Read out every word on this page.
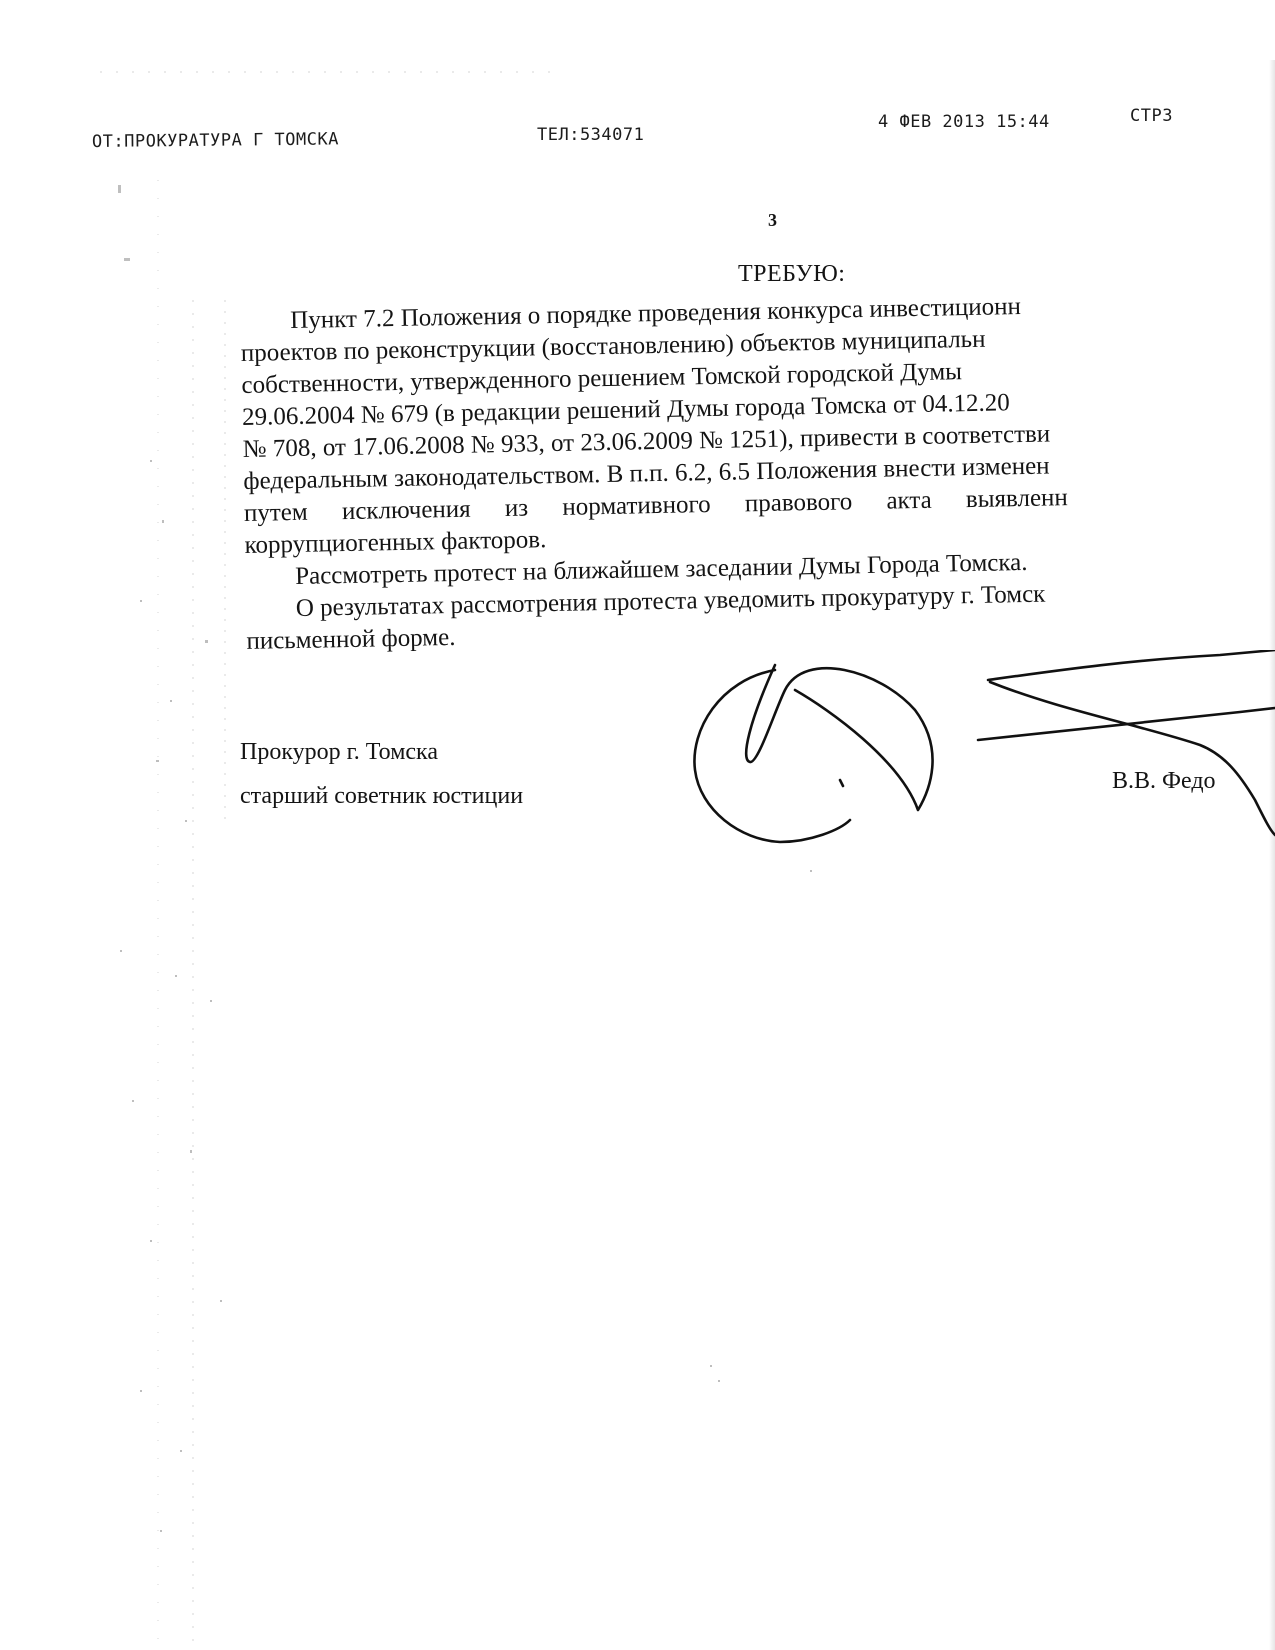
ОТ:ПРОКУРАТУРА Г ТОМСКА	ТЕЛ:534071
4 ФЕВ 2013 15:44	СТР3
3
ТРЕБУЮ:
Пункт 7.2 Положения о порядке проведения конкурса инвестиционн
проектов по реконструкции (восстановлению) объектов муниципальн
собственности, утвержденного решением Томской городской Думы
29.06.2004 № 679 (в редакции решений Думы города Томска от 04.12.20
№ 708, от 17.06.2008 № 933, от 23.06.2009 № 1251), привести в соответстви
федеральным законодательством. В п.п. 6.2, 6.5 Положения внести изменен
путем исключения из нормативного правового акта выявленн
коррупциогенных факторов.
Рассмотреть протест на ближайшем заседании Думы Города Томска.
О результатах рассмотрения протеста уведомить прокуратуру г. Томск
письменной форме.
Прокурор г. Томска
старший советник юстиции
В.В. Федо
